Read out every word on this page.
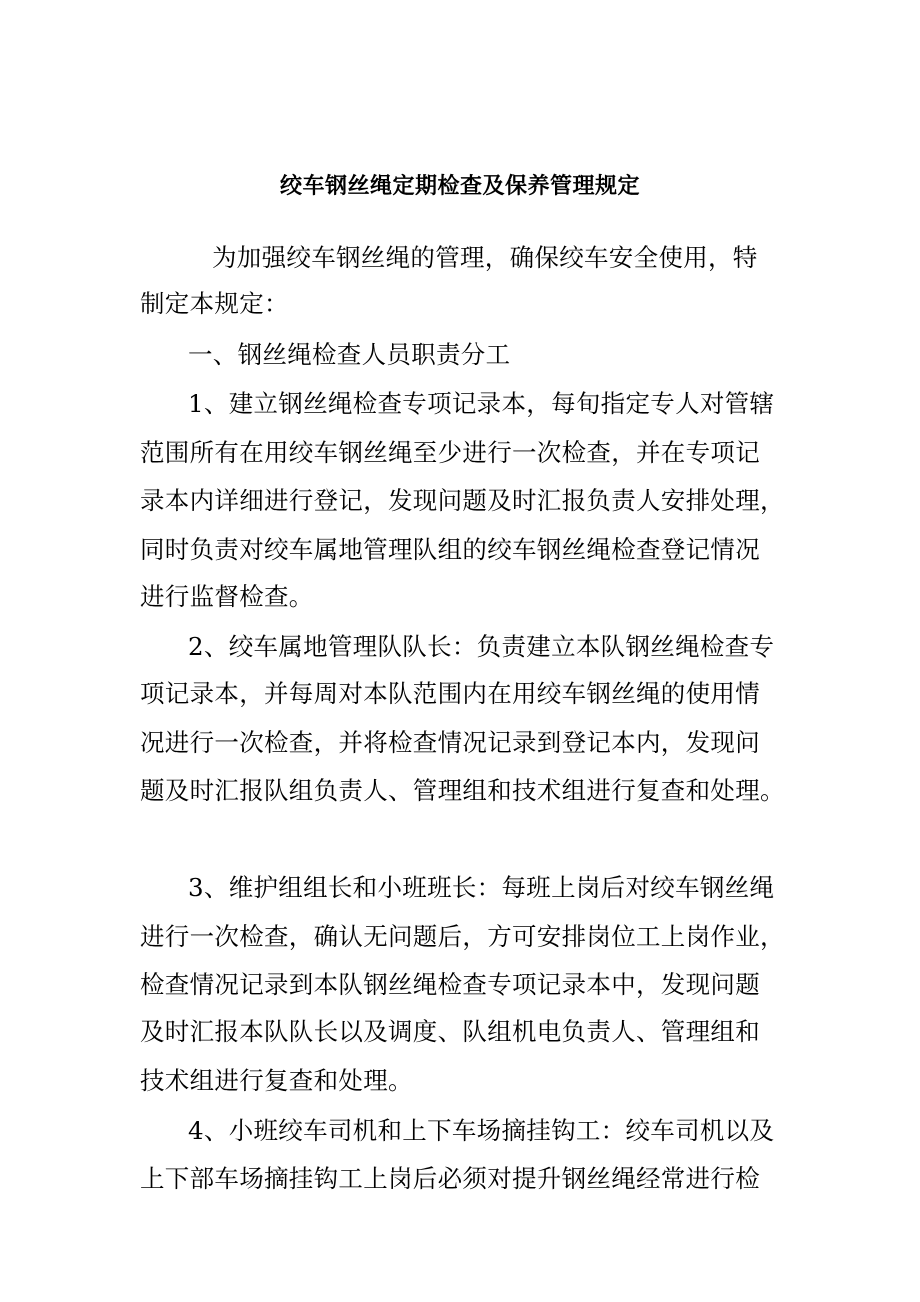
绞车钢丝绳定期检查及保养管理规定
为加强绞车钢丝绳的管理，确保绞车安全使用，特
制定本规定：
一、钢丝绳检查人员职责分工
1、建立钢丝绳检查专项记录本，每旬指定专人对管辖
范围所有在用绞车钢丝绳至少进行一次检查，并在专项记
录本内详细进行登记，发现问题及时汇报负责人安排处理，
同时负责对绞车属地管理队组的绞车钢丝绳检查登记情况
进行监督检查。
2、绞车属地管理队队长：负责建立本队钢丝绳检查专
项记录本，并每周对本队范围内在用绞车钢丝绳的使用情
况进行一次检查，并将检查情况记录到登记本内，发现问
题及时汇报队组负责人、管理组和技术组进行复查和处理。
3、维护组组长和小班班长：每班上岗后对绞车钢丝绳
进行一次检查，确认无问题后，方可安排岗位工上岗作业，
检查情况记录到本队钢丝绳检查专项记录本中，发现问题
及时汇报本队队长以及调度、队组机电负责人、管理组和
技术组进行复查和处理。
4、小班绞车司机和上下车场摘挂钩工：绞车司机以及
上下部车场摘挂钩工上岗后必须对提升钢丝绳经常进行检
